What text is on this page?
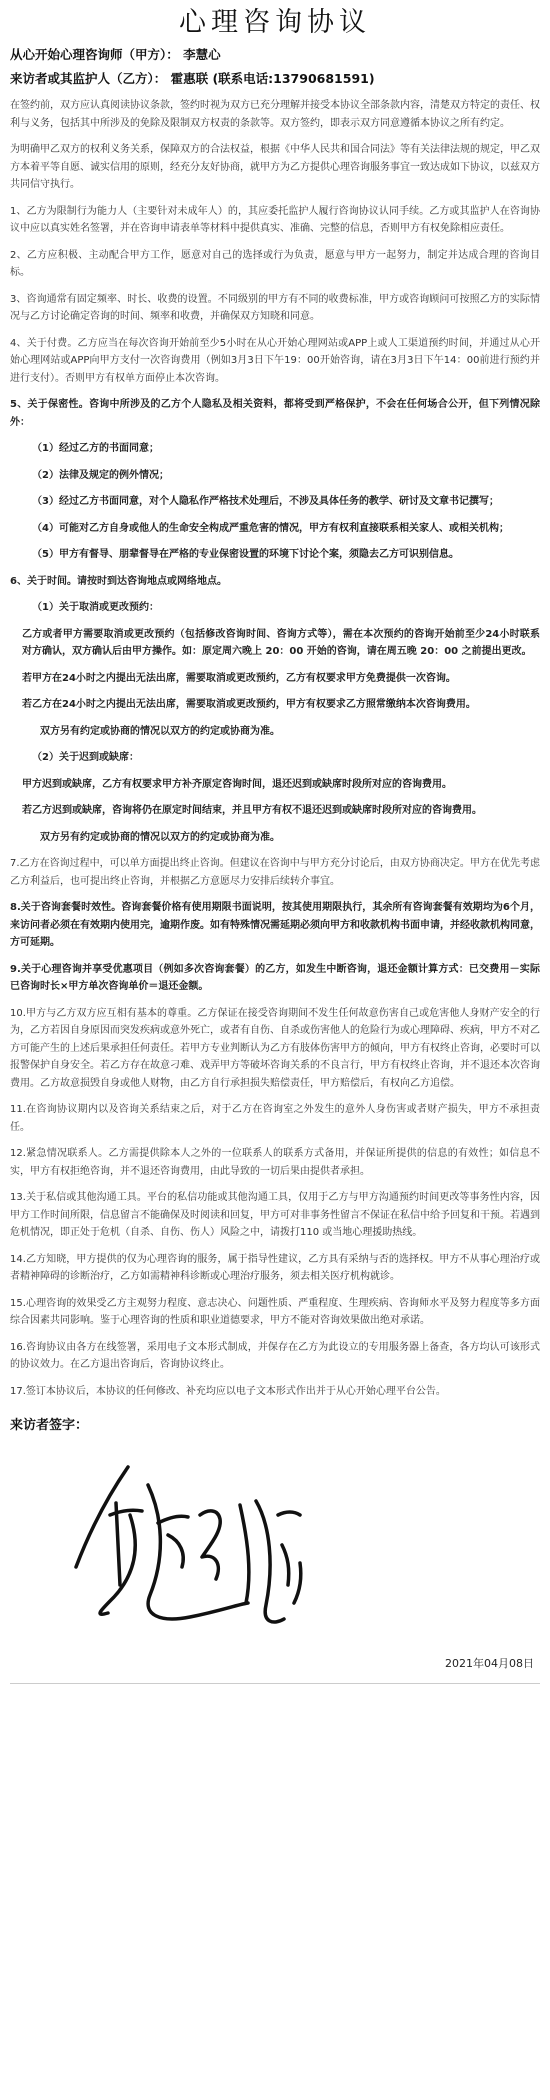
心理咨询协议
从心开始心理咨询师（甲方）： 李慧心
来访者或其监护人（乙方）： 霍惠联 (联系电话:13790681591)
在签约前，双方应认真阅读协议条款，签约时视为双方已充分理解并接受本协议全部条款内容，清楚双方特定的责任、权利与义务，包括其中所涉及的免除及限制双方权责的条款等。双方签约，即表示双方同意遵循本协议之所有约定。
为明确甲乙双方的权利义务关系，保障双方的合法权益，根据《中华人民共和国合同法》等有关法律法规的规定，甲乙双方本着平等自愿、诚实信用的原则，经充分友好协商，就甲方为乙方提供心理咨询服务事宜一致达成如下协议，以兹双方共同信守执行。
1、乙方为限制行为能力人（主要针对未成年人）的，其应委托监护人履行咨询协议认同手续。乙方或其监护人在咨询协议中应以真实姓名签署，并在咨询申请表单等材料中提供真实、准确、完整的信息，否则甲方有权免除相应责任。
2、乙方应积极、主动配合甲方工作，愿意对自己的选择或行为负责，愿意与甲方一起努力，制定并达成合理的咨询目标。
3、咨询通常有固定频率、时长、收费的设置。不同级别的甲方有不同的收费标准，甲方或咨询顾问可按照乙方的实际情况与乙方讨论确定咨询的时间、频率和收费，并确保双方知晓和同意。
4、关于付费。乙方应当在每次咨询开始前至少5小时在从心开始心理网站或APP上或人工渠道预约时间，并通过从心开始心理网站或APP向甲方支付一次咨询费用（例如3月3日下午19：00开始咨询，请在3月3日下午14：00前进行预约并进行支付）。否则甲方有权单方面停止本次咨询。
5、关于保密性。咨询中所涉及的乙方个人隐私及相关资料，都将受到严格保护，不会在任何场合公开，但下列情况除外：
（1）经过乙方的书面同意；
（2）法律及规定的例外情况；
（3）经过乙方书面同意，对个人隐私作严格技术处理后，不涉及具体任务的教学、研讨及文章书记撰写；
（4）可能对乙方自身或他人的生命安全构成严重危害的情况，甲方有权利直接联系相关家人、或相关机构；
（5）甲方有督导、朋辈督导在严格的专业保密设置的环境下讨论个案，须隐去乙方可识别信息。
6、关于时间。请按时到达咨询地点或网络地点。
（1）关于取消或更改预约：
乙方或者甲方需要取消或更改预约（包括修改咨询时间、咨询方式等），需在本次预约的咨询开始前至少24小时联系对方确认，双方确认后由甲方操作。如：原定周六晚上 20：00 开始的咨询，请在周五晚 20：00 之前提出更改。
若甲方在24小时之内提出无法出席，需要取消或更改预约，乙方有权要求甲方免费提供一次咨询。
若乙方在24小时之内提出无法出席，需要取消或更改预约，甲方有权要求乙方照常缴纳本次咨询费用。
双方另有约定或协商的情况以双方的约定或协商为准。
（2）关于迟到或缺席：
甲方迟到或缺席，乙方有权要求甲方补齐原定咨询时间，退还迟到或缺席时段所对应的咨询费用。
若乙方迟到或缺席，咨询将仍在原定时间结束，并且甲方有权不退还迟到或缺席时段所对应的咨询费用。
双方另有约定或协商的情况以双方的约定或协商为准。
7.乙方在咨询过程中，可以单方面提出终止咨询。但建议在咨询中与甲方充分讨论后，由双方协商决定。甲方在优先考虑乙方利益后，也可提出终止咨询，并根据乙方意愿尽力安排后续转介事宜。
8.关于咨询套餐时效性。咨询套餐价格有使用期限书面说明，按其使用期限执行，其余所有咨询套餐有效期均为6个月，来访问者必须在有效期内使用完，逾期作废。如有特殊情况需延期必须向甲方和收款机构书面申请，并经收款机构同意，方可延期。
9.关于心理咨询并享受优惠项目（例如多次咨询套餐）的乙方，如发生中断咨询，退还金额计算方式：已交费用－实际已咨询时长×甲方单次咨询单价＝退还金额。
10.甲方与乙方双方应互相有基本的尊重。乙方保证在接受咨询期间不发生任何故意伤害自己或危害他人身财产安全的行为，乙方若因自身原因而突发疾病或意外死亡，或者有自伤、自杀或伤害他人的危险行为或心理障碍、疾病，甲方不对乙方可能产生的上述后果承担任何责任。若甲方专业判断认为乙方有肢体伤害甲方的倾向，甲方有权终止咨询，必要时可以报警保护自身安全。若乙方存在故意刁难、戏弄甲方等破坏咨询关系的不良言行，甲方有权终止咨询，并不退还本次咨询费用。乙方故意损毁自身或他人财物，由乙方自行承担损失赔偿责任，甲方赔偿后，有权向乙方追偿。
11.在咨询协议期内以及咨询关系结束之后，对于乙方在咨询室之外发生的意外人身伤害或者财产损失，甲方不承担责任。
12.紧急情况联系人。乙方需提供除本人之外的一位联系人的联系方式备用，并保证所提供的信息的有效性；如信息不实，甲方有权拒绝咨询，并不退还咨询费用，由此导致的一切后果由提供者承担。
13.关于私信或其他沟通工具。平台的私信功能或其他沟通工具，仅用于乙方与甲方沟通预约时间更改等事务性内容，因甲方工作时间所限，信息留言不能确保及时阅读和回复，甲方可对非事务性留言不保证在私信中给予回复和干预。若遇到危机情况，即正处于危机（自杀、自伤、伤人）风险之中，请拨打110 或当地心理援助热线。
14.乙方知晓，甲方提供的仅为心理咨询的服务，属于指导性建议，乙方具有采纳与否的选择权。甲方不从事心理治疗或者精神障碍的诊断治疗，乙方如需精神科诊断或心理治疗服务，须去相关医疗机构就诊。
15.心理咨询的效果受乙方主观努力程度、意志决心、问题性质、严重程度、生理疾病、咨询师水平及努力程度等多方面综合因素共同影响。鉴于心理咨询的性质和职业道德要求，甲方不能对咨询效果做出绝对承诺。
16.咨询协议由各方在线签署，采用电子文本形式制成，并保存在乙方为此设立的专用服务器上备查，各方均认可该形式的协议效力。在乙方退出咨询后，咨询协议终止。
17.签订本协议后，本协议的任何修改、补充均应以电子文本形式作出并于从心开始心理平台公告。
来访者签字：
2021年04月08日
